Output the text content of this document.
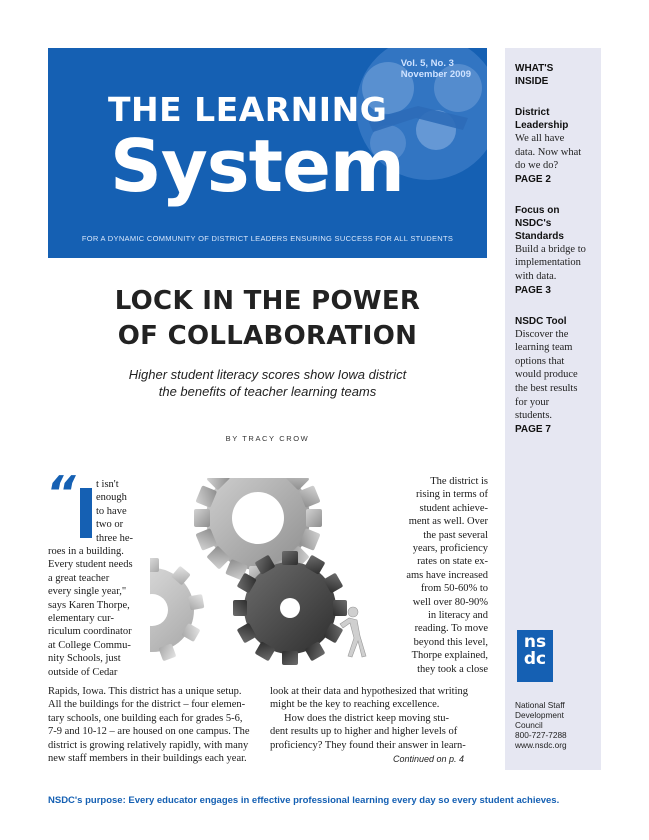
Vol. 5, No. 3
November 2009
THE LEARNING
System
FOR A DYNAMIC COMMUNITY OF DISTRICT LEADERS ENSURING SUCCESS FOR ALL STUDENTS
WHAT'S
INSIDE
District
Leadership
We all have
data. Now what
do we do?
PAGE 2
Focus on
NSDC's
Standards
Build a bridge to
implementation
with data.
PAGE 3
NSDC Tool
Discover the
learning team
options that
would produce
the best results
for your
students.
PAGE 7
ns
dc
National Staff
Development
Council
800-727-7288
www.nsdc.org
LOCK IN THE POWER
OF COLLABORATION
Higher student literacy scores show Iowa district
the benefits of teacher learning teams
BY TRACY CROW
“ t isn't
enough
to have
two or
three he-
roes in a building.
Every student needs
a great teacher
every single year,"
says Karen Thorpe,
elementary cur-
riculum coordinator
at College Commu-
nity Schools, just
outside of Cedar
Rapids, Iowa. This district has a unique setup.
All the buildings for the district – four elemen-
tary schools, one building each for grades 5-6,
7-9 and 10-12 – are housed on one campus. The
district is growing relatively rapidly, with many
new staff members in their buildings each year.
The district is
rising in terms of
student achieve-
ment as well. Over
the past several
years, proficiency
rates on state ex-
ams have increased
from 50-60% to
well over 80-90%
in literacy and
reading. To move
beyond this level,
Thorpe explained,
they took a close
look at their data and hypothesized that writing
might be the key to reaching excellence.
How does the district keep moving stu-
dent results up to higher and higher levels of
proficiency? They found their answer in learn-
Continued on p. 4
NSDC's purpose: Every educator engages in effective professional learning every day so every student achieves.
